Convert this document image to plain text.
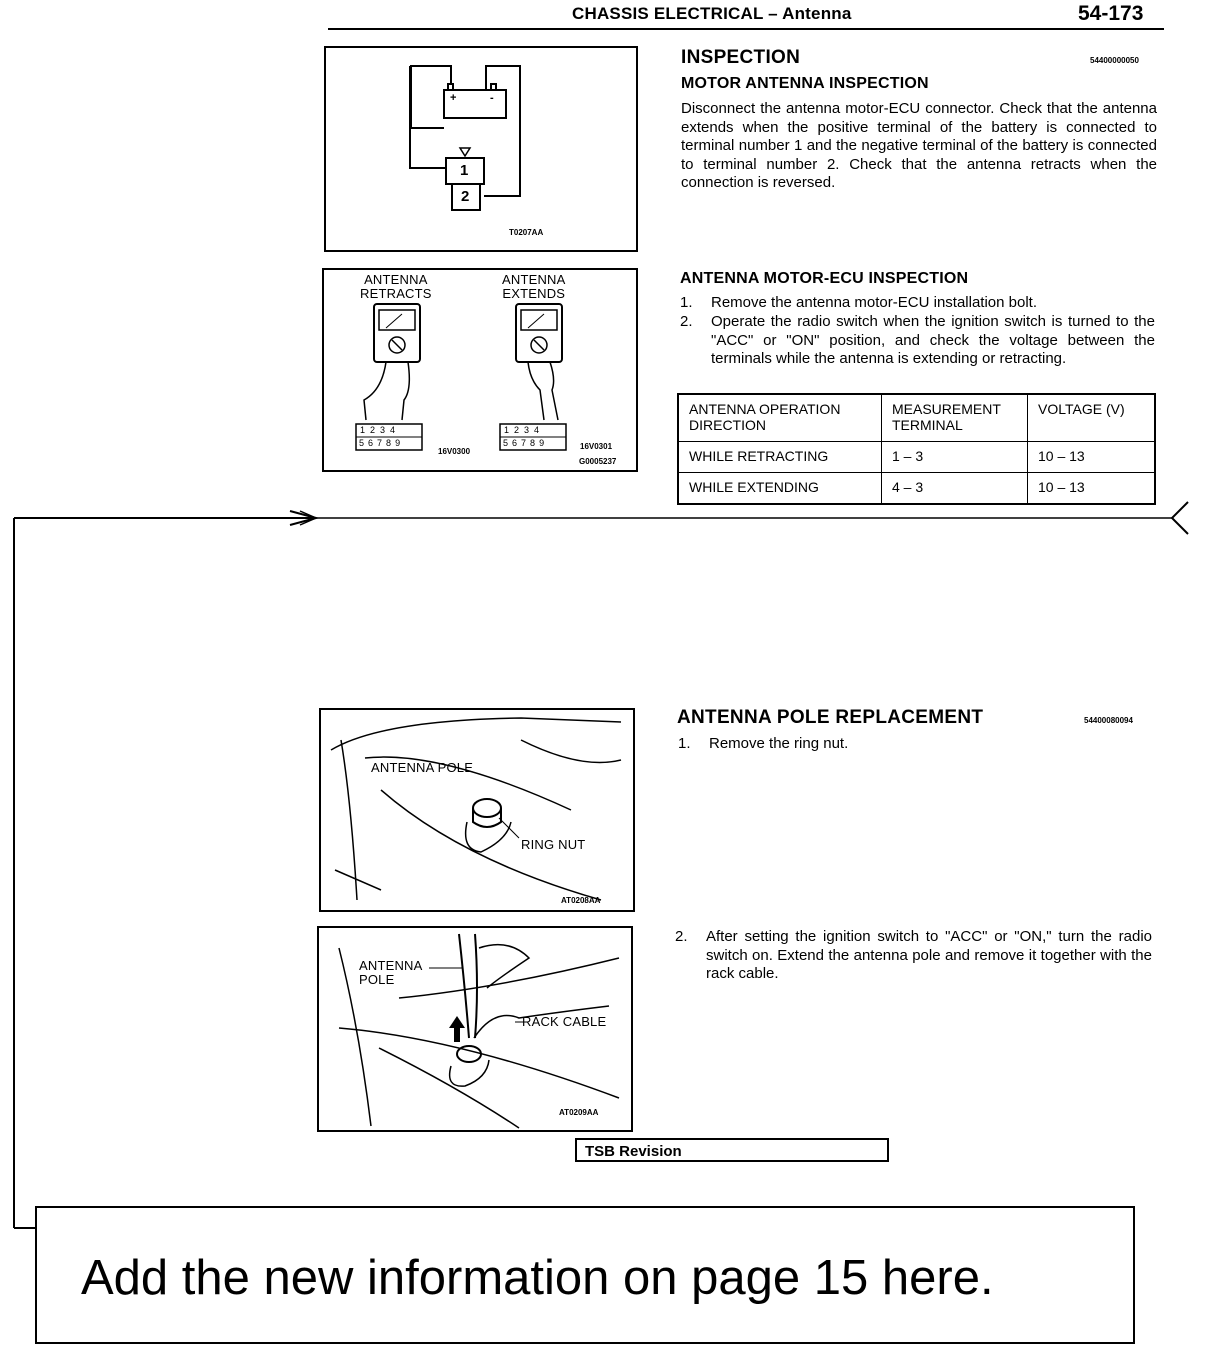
CHASSIS ELECTRICAL – Antenna	54-173
+	-
1
2
T0207AA
INSPECTION	54400000050
MOTOR ANTENNA INSPECTION
Disconnect the antenna motor-ECU connector. Check that the antenna extends when the positive terminal of the battery is connected to terminal number 1 and the negative terminal of the battery is connected to terminal number 2. Check that the antenna retracts when the connection is reversed.
ANTENNA
RETRACTS
ANTENNA
EXTENDS
1234
56789
1234
56789
16V0300
16V0301
G0005237
ANTENNA MOTOR-ECU INSPECTION
1. Remove the antenna motor-ECU installation bolt.
2. Operate the radio switch when the ignition switch is turned to the "ACC" or "ON" position, and check the voltage between the terminals while the antenna is extending or retracting.
ANTENNA OPERATION DIRECTION	MEASUREMENT TERMINAL	VOLTAGE (V)
WHILE RETRACTING	1 – 3	10 – 13
WHILE EXTENDING	4 – 3	10 – 13
ANTENNA POLE
RING NUT
AT0208AA
ANTENNA POLE REPLACEMENT	54400080094
1. Remove the ring nut.
2. After setting the ignition switch to "ACC" or "ON," turn the radio switch on. Extend the antenna pole and remove it together with the rack cable.
ANTENNA
POLE
RACK CABLE
AT0209AA
TSB Revision
Add the new information on page 15 here.
